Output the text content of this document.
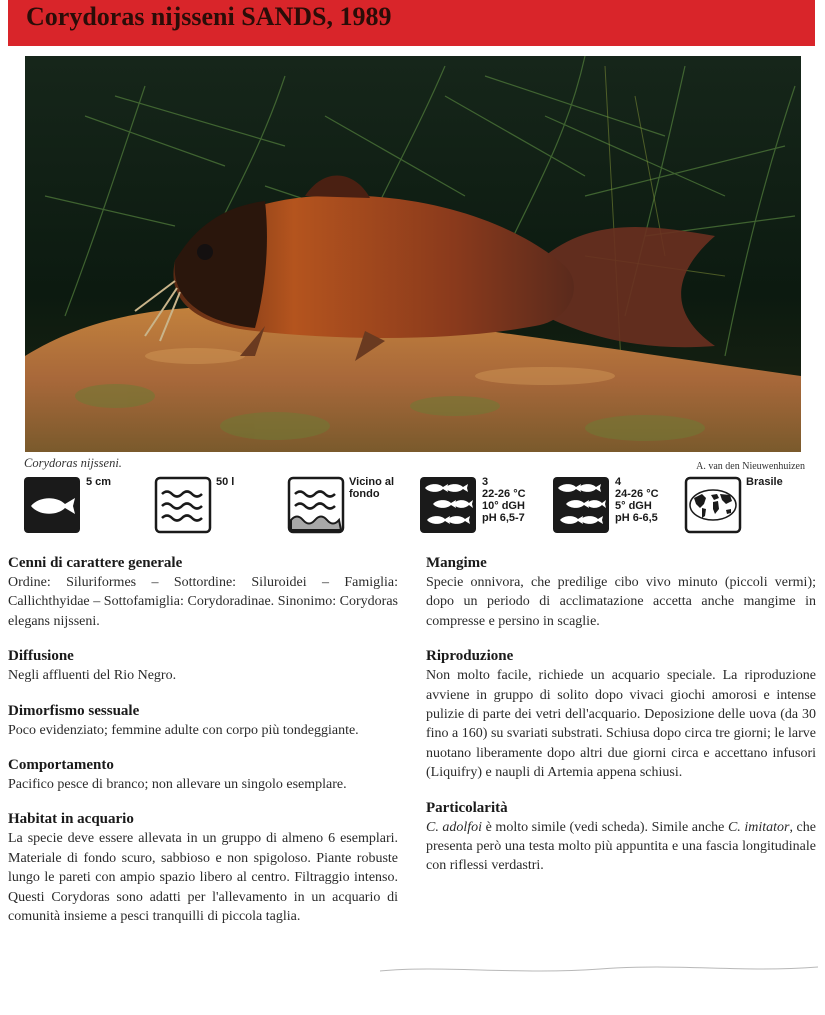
Corydoras nijsseni SANDS, 1989
Corydoras nijsseni.	A. van den Nieuwenhuizen
5 cm	50 l	Vicino al
fondo
3
22-26 °C
10° dGH
pH 6,5-7
4
24-26 °C
5° dGH
pH 6-6,5
Brasile
Cenni di carattere generale

Ordine: Siluriformes – Sottordine: Siluroidei – Famiglia: Callichthyidae – Sottofamiglia: Corydoradinae. Sinonimo: Corydoras elegans nijsseni.

Diffusione

Negli affluenti del Rio Negro.

Dimorfismo sessuale

Poco evidenziato; femmine adulte con corpo più tondeggiante.

Comportamento

Pacifico pesce di branco; non allevare un singolo esemplare.

Habitat in acquario

La specie deve essere allevata in un gruppo di almeno 6 esemplari. Materiale di fondo scuro, sabbioso e non spigoloso. Piante robuste lungo le pareti con ampio spazio libero al centro. Filtraggio intenso. Questi Corydoras sono adatti per l'allevamento in un acquario di comunità insieme a pesci tranquilli di piccola taglia.

Mangime

Specie onnivora, che predilige cibo vivo minuto (piccoli vermi); dopo un periodo di acclimatazione accetta anche mangime in compresse e persino in scaglie.

Riproduzione

Non molto facile, richiede un acquario speciale. La riproduzione avviene in gruppo di solito dopo vivaci giochi amorosi e intense pulizie di parte dei vetri dell'acquario. Deposizione delle uova (da 30 fino a 160) su svariati substrati. Schiusa dopo circa tre giorni; le larve nuotano liberamente dopo altri due giorni circa e accettano infusori (Liquifry) e naupli di Artemia appena schiusi.

Particolarità

C. adolfoi è molto simile (vedi scheda). Simile anche C. imitator, che presenta però una testa molto più appuntita e una fascia longitudinale con riflessi verdastri.
